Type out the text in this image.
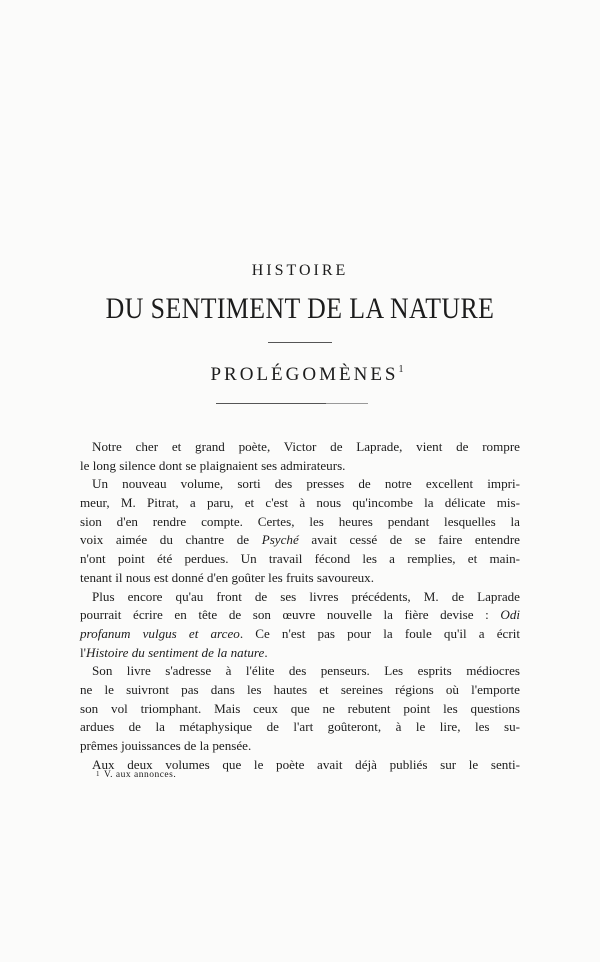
HISTOIRE
DU SENTIMENT DE LA NATURE
PROLÉGOMÈNES$^1$
Notre cher et grand poète, Victor de Laprade, vient de rompre
le long silence dont se plaignaient ses admirateurs.
Un nouveau volume, sorti des presses de notre excellent impri-
meur, M. Pitrat, a paru, et c'est à nous qu'incombe la délicate mis-
sion d'en rendre compte. Certes, les heures pendant lesquelles la
voix aimée du chantre de Psyché avait cessé de se faire entendre
n'ont point été perdues. Un travail fécond les a remplies, et main-
tenant il nous est donné d'en goûter les fruits savoureux.
Plus encore qu'au front de ses livres précédents, M. de Laprade
pourrait écrire en tête de son œuvre nouvelle la fière devise : Odi
profanum vulgus et arceo. Ce n'est pas pour la foule qu'il a écrit
l'Histoire du sentiment de la nature.
Son livre s'adresse à l'élite des penseurs. Les esprits médiocres
ne le suivront pas dans les hautes et sereines régions où l'emporte
son vol triomphant. Mais ceux que ne rebutent point les questions
ardues de la métaphysique de l'art goûteront, à le lire, les su-
prêmes jouissances de la pensée.
Aux deux volumes que le poète avait déjà publiés sur le senti-
$^1$ V. aux annonces.
